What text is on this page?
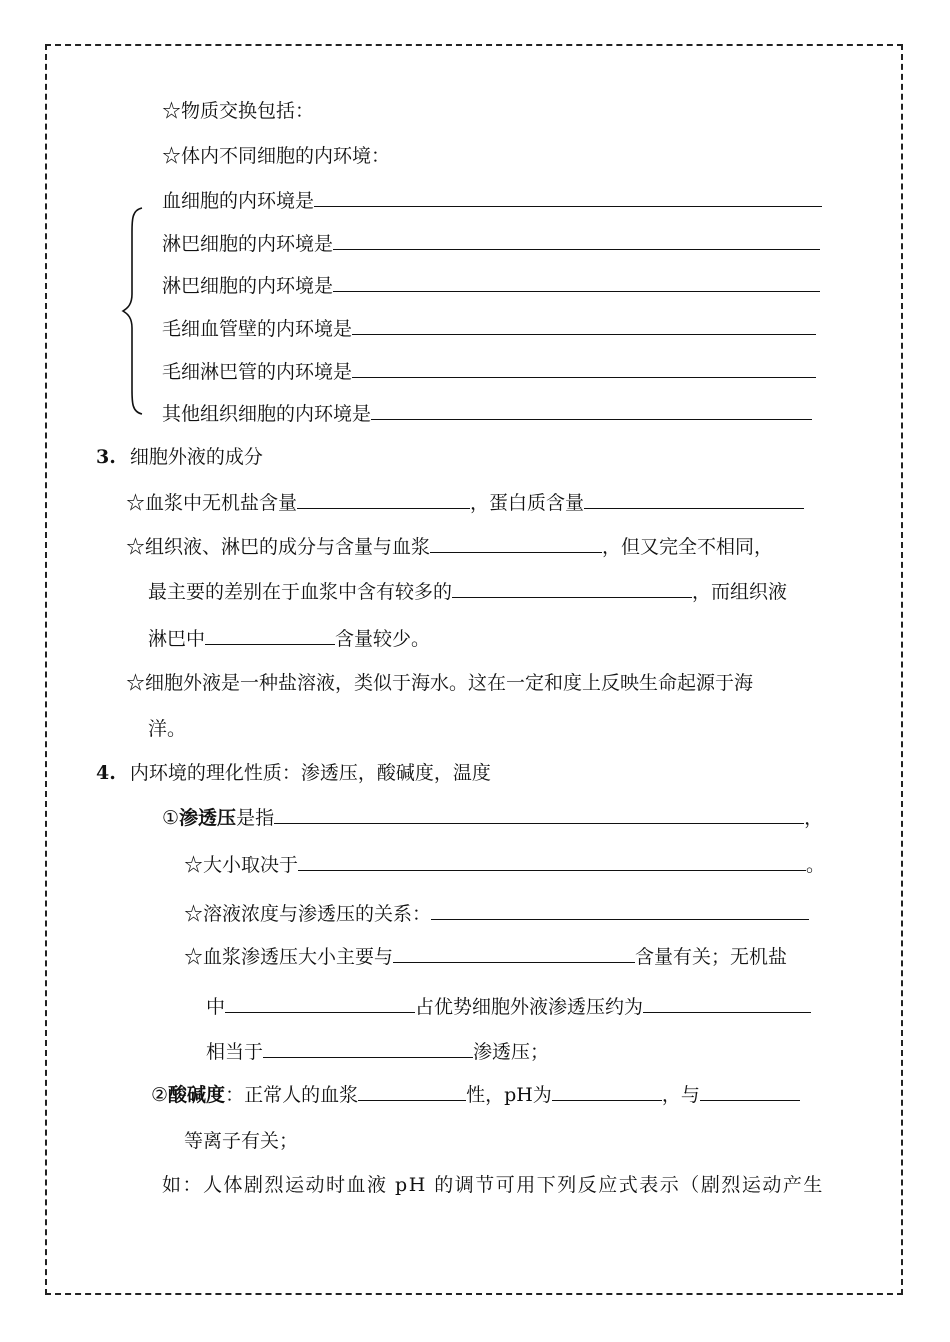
☆物质交换包括：
☆体内不同细胞的内环境：
血细胞的内环境是
淋巴细胞的内环境是
淋巴细胞的内环境是
毛细血管壁的内环境是
毛细淋巴管的内环境是
其他组织细胞的内环境是
3. 细胞外液的成分
☆血浆中无机盐含量	，蛋白质含量
☆组织液、淋巴的成分与含量与血浆	，但又完全不相同，
最主要的差别在于血浆中含有较多的	，而组织液
淋巴中	含量较少。
☆细胞外液是一种盐溶液，类似于海水。这在一定和度上反映生命起源于海
洋。
4. 内环境的理化性质：渗透压，酸碱度，温度
①渗透压是指	，
☆大小取决于	。
☆溶液浓度与渗透压的关系：
☆血浆渗透压大小主要与	含量有关；无机盐
中	占优势细胞外液渗透压约为
相当于	渗透压；
②酸碱度：正常人的血浆	性，pH为	，与
等离子有关；
如：人体剧烈运动时血液 pH 的调节可用下列反应式表示（剧烈运动产生
